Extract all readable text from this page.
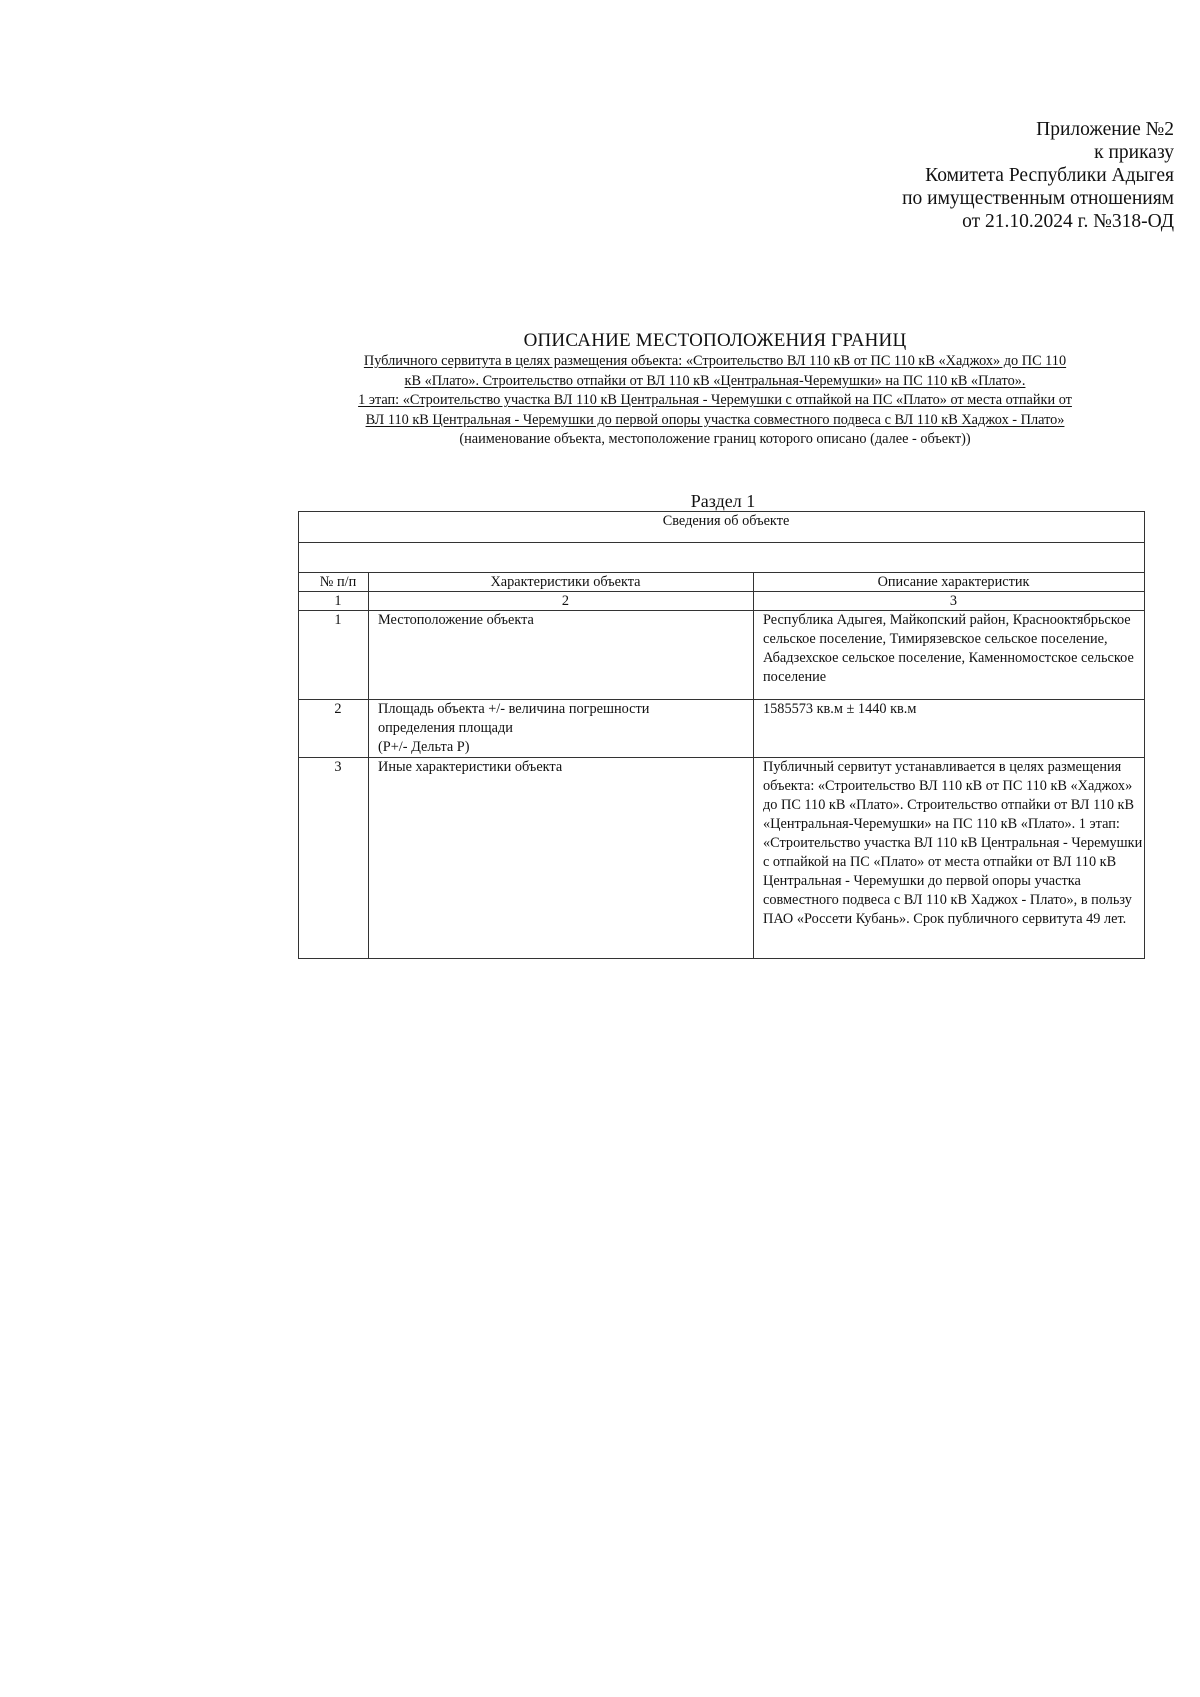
Приложение №2
к приказу
Комитета Республики Адыгея
по имущественным отношениям
от 21.10.2024 г. №318-ОД
ОПИСАНИЕ МЕСТОПОЛОЖЕНИЯ ГРАНИЦ
Публичного сервитута в целях размещения объекта: «Строительство ВЛ 110 кВ от ПС 110 кВ «Хаджох» до ПС 110
кВ «Плато». Строительство отпайки от ВЛ 110 кВ «Центральная-Черемушки» на ПС 110 кВ «Плато».
1 этап: «Строительство участка ВЛ 110 кВ Центральная - Черемушки с отпайкой на ПС «Плато» от места отпайки от
ВЛ 110 кВ Центральная - Черемушки до первой опоры участка совместного подвеса с ВЛ 110 кВ Хаджох - Плато»
(наименование объекта, местоположение границ которого описано (далее - объект))
Раздел 1
Сведения об объекте		

№ п/п	Характеристики объекта	Описание характеристик
1	2	3
1	Местоположение объекта	Республика Адыгея, Майкопский район, Краснооктябрьское сельское поселение, Тимирязевское сельское поселение, Абадзехское сельское поселение, Каменномостское сельское поселение
2	Площадь объекта +/- величина погрешности
определения площади
(Р+/- Дельта Р)	1585573 кв.м ± 1440 кв.м
3	Иные характеристики объекта	Публичный сервитут устанавливается в целях размещения объекта: «Строительство ВЛ 110 кВ от ПС 110 кВ «Хаджох» до ПС 110 кВ «Плато». Строительство отпайки от ВЛ 110 кВ «Центральная-Черемушки» на ПС 110 кВ «Плато». 1 этап: «Строительство участка ВЛ 110 кВ Центральная - Черемушки с отпайкой на ПС «Плато» от места отпайки от ВЛ 110 кВ Центральная - Черемушки до первой опоры участка совместного подвеса с ВЛ 110 кВ Хаджох - Плато», в пользу ПАО «Россети Кубань». Срок публичного сервитута 49 лет.
